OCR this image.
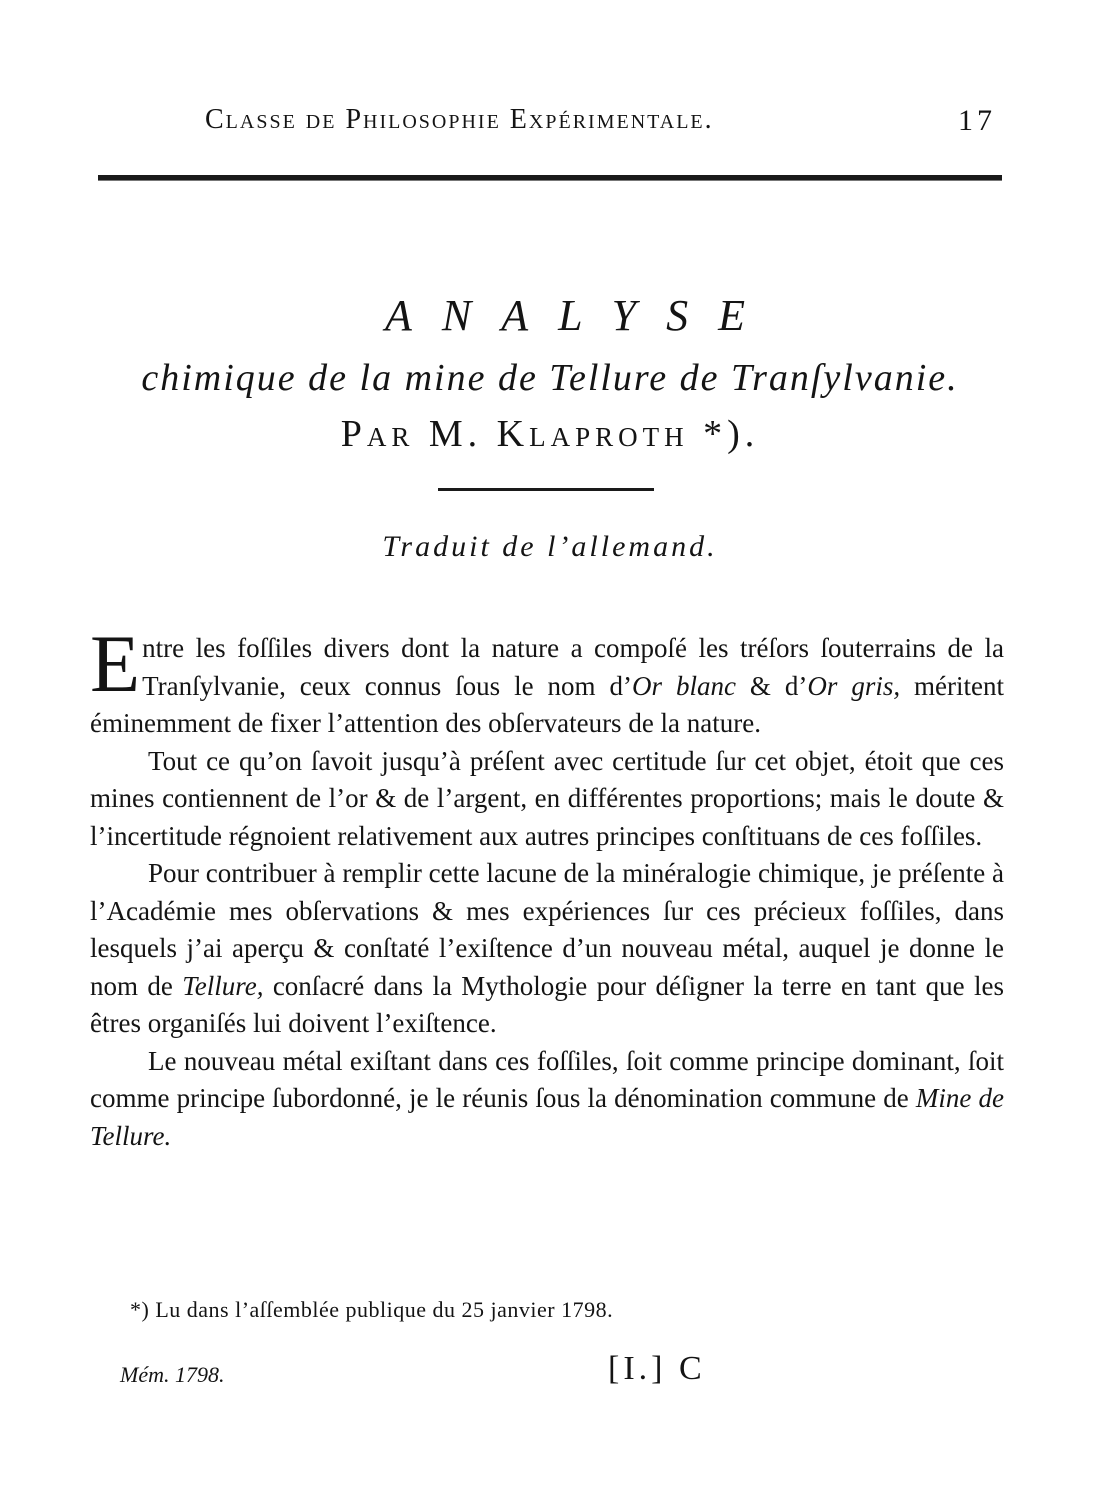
Classe de Philosophie Expérimentale.	17
ANALYSE
chimique de la mine de Tellure de Tranſylvanie.
Par M. Klaproth *).
Traduit de l’allemand.

Entre les foſſiles divers dont la nature a compoſé les tréſors ſouterrains de la Tranſylvanie, ceux connus ſous le nom d’Or blanc & d’Or gris, méritent éminemment de fixer l’attention des obſervateurs de la nature.

Tout ce qu’on ſavoit jusqu’à préſent avec certitude ſur cet objet, étoit que ces mines contiennent de l’or & de l’argent, en différentes proportions; mais le doute & l’incertitude régnoient relativement aux autres principes conſtituans de ces foſſiles.

Pour contribuer à remplir cette lacune de la minéralogie chimique, je préſente à l’Académie mes obſervations & mes expériences ſur ces précieux foſſiles, dans lesquels j’ai aperçu & conſtaté l’exiſtence d’un nouveau métal, auquel je donne le nom de Tellure, conſacré dans la Mythologie pour déſigner la terre en tant que les êtres organiſés lui doivent l’exiſtence.

Le nouveau métal exiſtant dans ces foſſiles, ſoit comme principe dominant, ſoit comme principe ſubordonné, je le réunis ſous la dénomination commune de Mine de Tellure.

*) Lu dans l’aſſemblée publique du 25 janvier 1798.
Mém. 1798.	[I.] C
